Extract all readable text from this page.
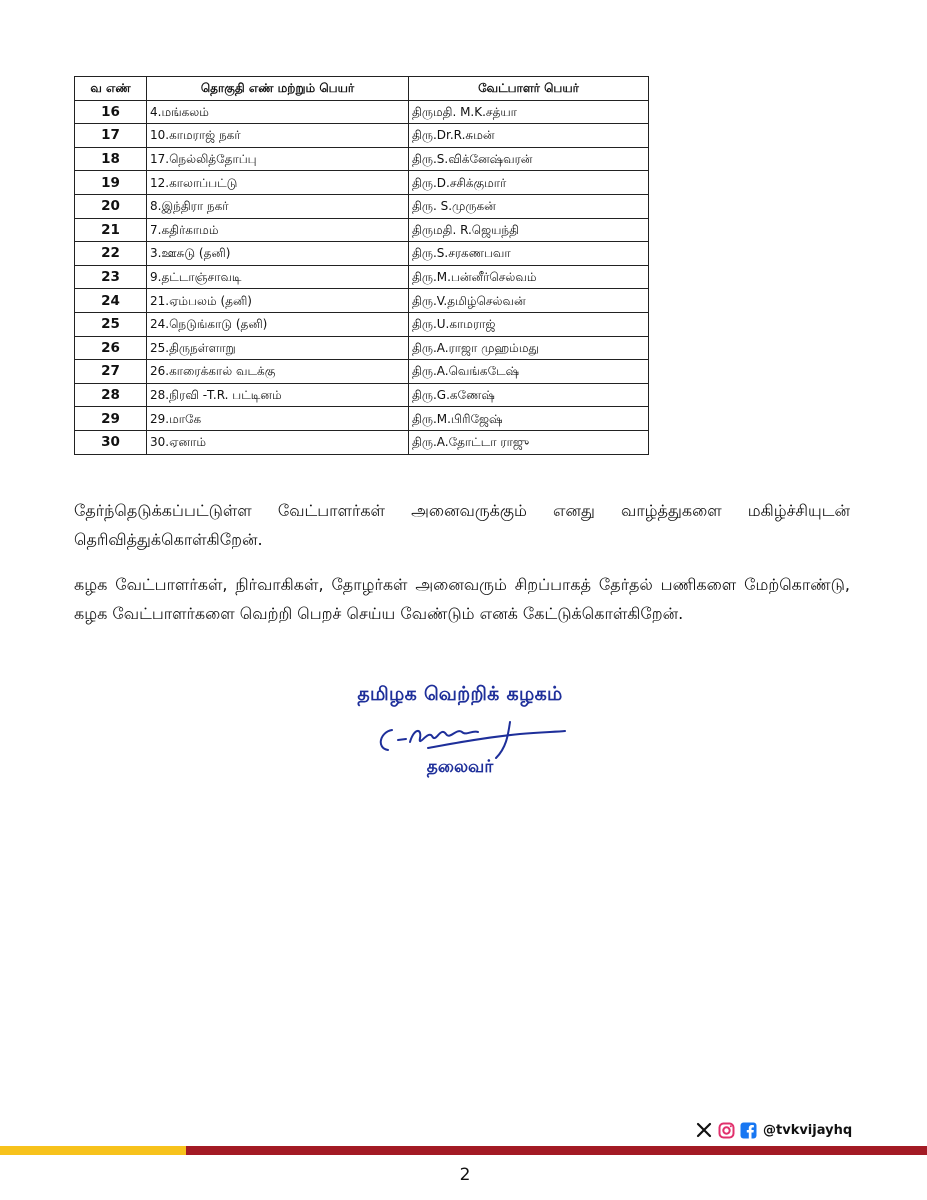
வ எண்	தொகுதி எண் மற்றும் பெயர்	வேட்பாளர் பெயர்
16	4.மங்கலம்	திருமதி. M.K.சத்யா
17	10.காமராஜ் நகர்	திரு.Dr.R.சுமன்
18	17.நெல்லித்தோப்பு	திரு.S.விக்னேஷ்வரன்
19	12.காலாப்பட்டு	திரு.D.சசிக்குமார்
20	8.இந்திரா நகர்	திரு. S.முருகன்
21	7.கதிர்காமம்	திருமதி. R.ஜெயந்தி
22	3.ஊசுடு (தனி)	திரு.S.சரகணபவா
23	9.தட்டாஞ்சாவடி	திரு.M.பன்னீர்செல்வம்
24	21.ஏம்பலம் (தனி)	திரு.V.தமிழ்செல்வன்
25	24.நெடுங்காடு (தனி)	திரு.U.காமராஜ்
26	25.திருநள்ளாறு	திரு.A.ராஜா முஹம்மது
27	26.காரைக்கால் வடக்கு	திரு.A.வெங்கடேஷ்
28	28.நிரவி -T.R. பட்டினம்	திரு.G.கணேஷ்
29	29.மாகே	திரு.M.பிரிஜேஷ்
30	30.ஏனாம்	திரு.A.தோட்டா ராஜு

தேர்ந்தெடுக்கப்பட்டுள்ள வேட்பாளர்கள் அனைவருக்கும் எனது வாழ்த்துகளை மகிழ்ச்சியுடன் தெரிவித்துக்கொள்கிறேன்.

கழக வேட்பாளர்கள், நிர்வாகிகள், தோழர்கள் அனைவரும் சிறப்பாகத் தேர்தல் பணிகளை மேற்கொண்டு, கழக வேட்பாளர்களை வெற்றி பெறச் செய்ய வேண்டும் எனக் கேட்டுக்கொள்கிறேன்.

தமிழக வெற்றிக் கழகம்
தலைவர்
@tvkvijayhq
2
